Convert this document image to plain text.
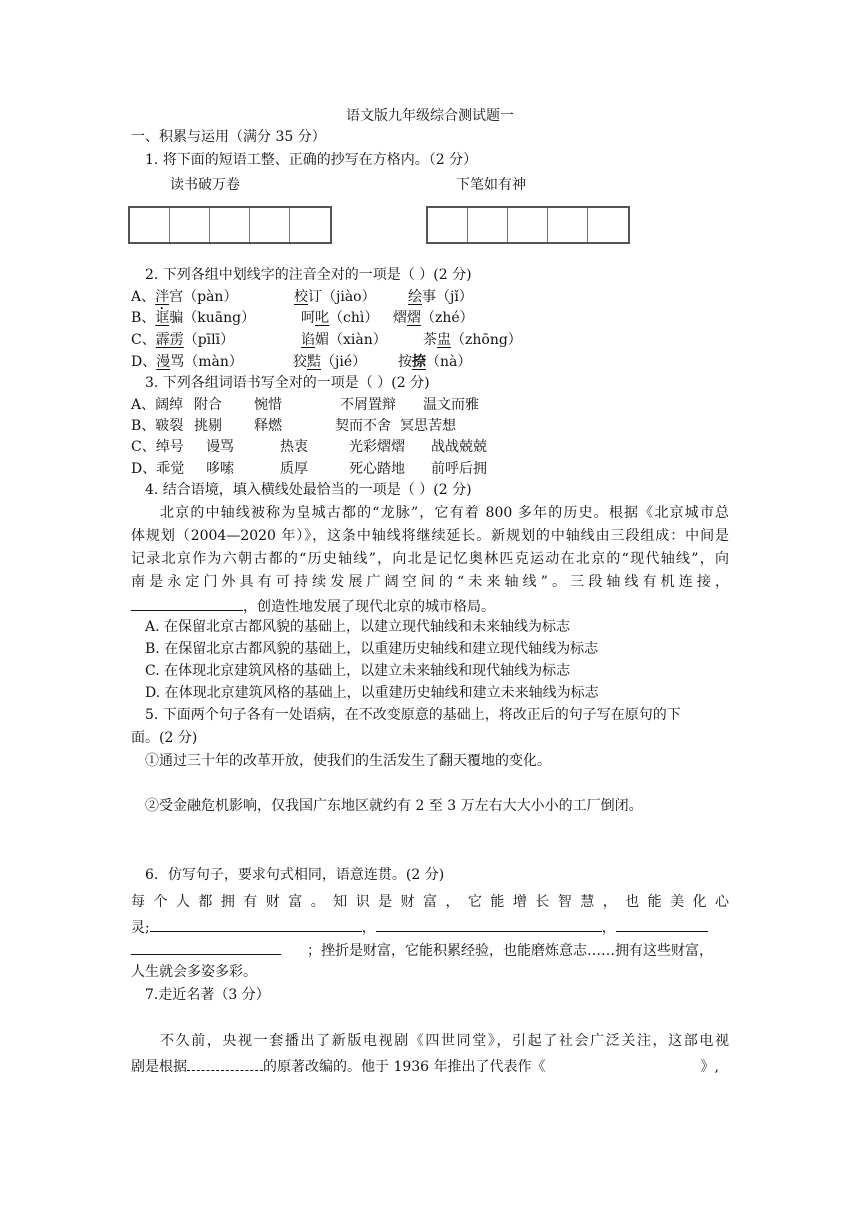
语文版九年级综合测试题一
一、积累与运用（满分 35 分）
1. 将下面的短语工整、正确的抄写在方格内。（2 分）
读书破万卷	下笔如有神
2. 下列各组中划线字的注音全对的一项是（ ）(2 分)
A、泮宫（pàn）	校订（jiào） 绘事（jǐ）
B、诓骗（kuāng）	呵叱（chì） 熠熠（zhé）
C、霹雳（pīlī）	谄媚（xiàn）	茶盅（zhōng）
D、漫骂（màn）	狡黠（jié） 按捺（nà）
3. 下列各组词语书写全对的一项是（ ）(2 分)
A、阔绰 附合 惋惜	不屑置辩 温文而雅
B、皲裂 挑剔 释燃	契而不舍 冥思苦想
C、绰号 谩骂	热衷	光彩熠熠 战战兢兢
D、乖觉 哆嗦	质厚	死心踏地 前呼后拥
4. 结合语境，填入横线处最恰当的一项是（ ）(2 分)
北京的中轴线被称为皇城古都的“龙脉”，它有着 800 多年的历史。根据《北京城市总
体规划（2004—2020 年）》，这条中轴线将继续延长。新规划的中轴线由三段组成：中间是
记录北京作为六朝古都的“历史轴线”，向北是记忆奥林匹克运动在北京的“现代轴线”，向
南是永定门外具有可持续发展广阔空间的“未来轴线”。三段轴线有机连接，
，创造性地发展了现代北京的城市格局。
A. 在保留北京古都风貌的基础上，以建立现代轴线和未来轴线为标志
B. 在保留北京古都风貌的基础上，以重建历史轴线和建立现代轴线为标志
C. 在体现北京建筑风格的基础上，以建立未来轴线和现代轴线为标志
D. 在体现北京建筑风格的基础上，以重建历史轴线和建立未来轴线为标志
5. 下面两个句子各有一处语病，在不改变原意的基础上，将改正后的句子写在原句的下
面。(2 分)
①通过三十年的改革开放，使我们的生活发生了翻天覆地的变化。
②受金融危机影响，仅我国广东地区就约有 2 至 3 万左右大大小小的工厂倒闭。
6．仿写句子，要求句式相同，语意连贯。(2 分)
每个人都拥有财富。知识是财富，它能增长智慧，也能美化心
灵;	，	，
；挫折是财富，它能积累经验，也能磨炼意志……拥有这些财富，
人生就会多姿多彩。
7.走近名著（3 分）
不久前，央视一套播出了新版电视剧《四世同堂》，引起了社会广泛关注，这部电视
剧是根据	的原著改编的。他于 1936 年推出了代表作《	》,
